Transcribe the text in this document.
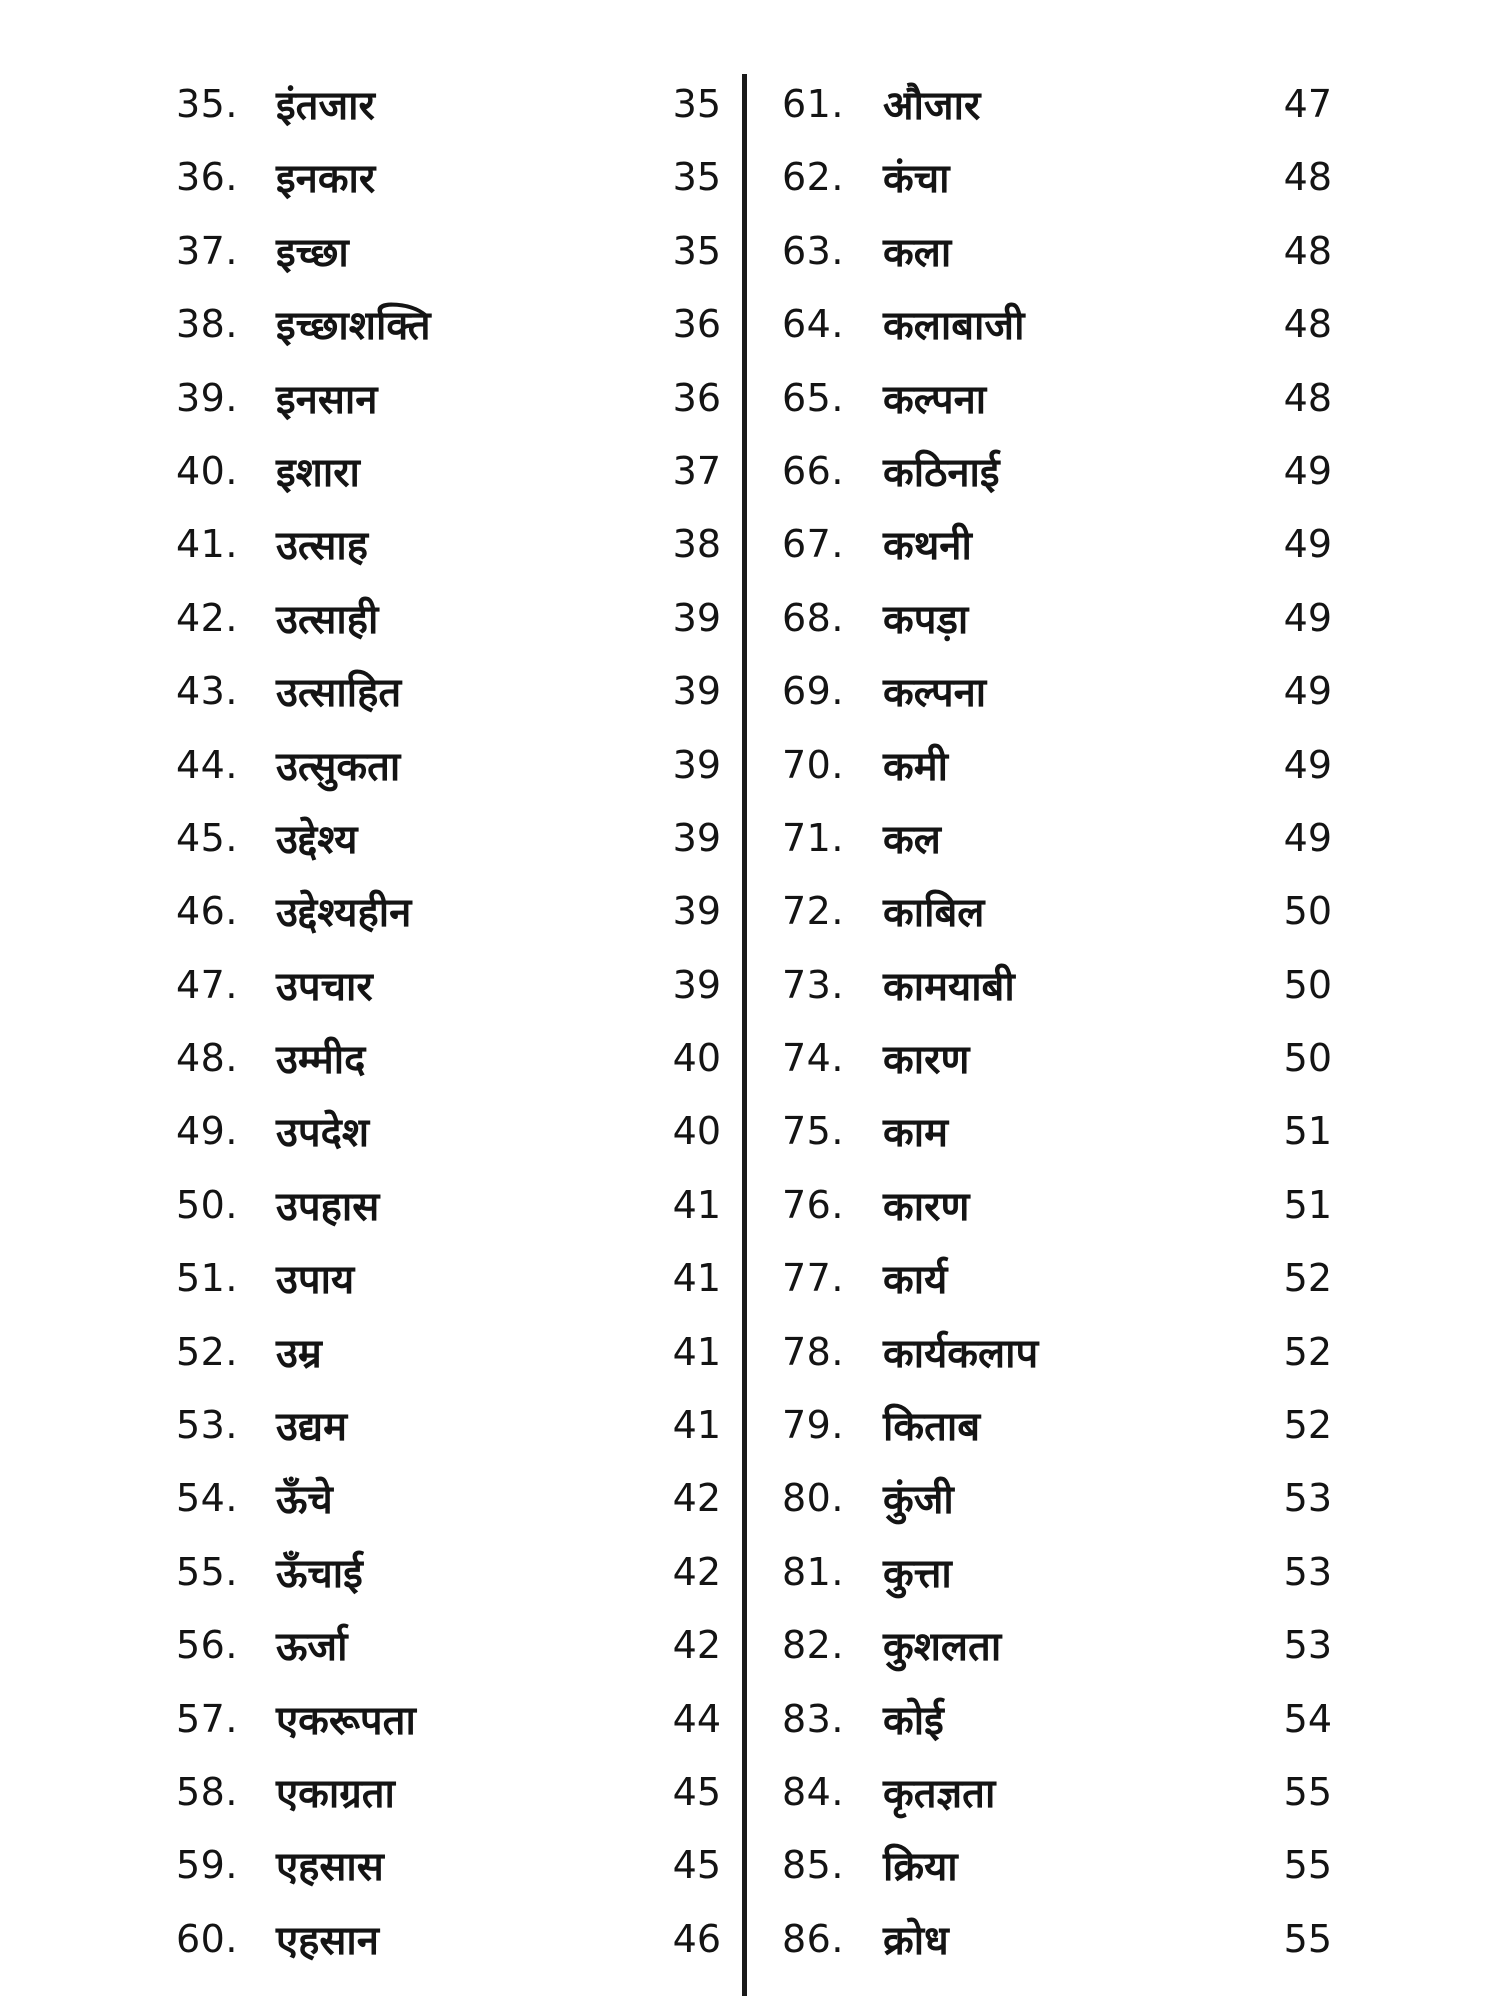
35. इंतजार	35
36. इनकार	35
37. इच्छा	35
38. इच्छाशक्ति	36
39. इनसान	36
40. इशारा	37
41. उत्साह	38
42. उत्साही	39
43. उत्साहित	39
44. उत्सुकता	39
45. उद्देश्य	39
46. उद्देश्यहीन	39
47. उपचार	39
48. उम्मीद	40
49. उपदेश	40
50. उपहास	41
51. उपाय	41
52. उम्र	41
53. उद्यम	41
54. ऊँचे	42
55. ऊँचाई	42
56. ऊर्जा	42
57. एकरूपता	44
58. एकाग्रता	45
59. एहसास	45
60. एहसान	46
61. औजार	47
62. कंचा	48
63. कला	48
64. कलाबाजी	48
65. कल्पना	48
66. कठिनाई	49
67. कथनी	49
68. कपड़ा	49
69. कल्पना	49
70. कमी	49
71. कल	49
72. काबिल	50
73. कामयाबी	50
74. कारण	50
75. काम	51
76. कारण	51
77. कार्य	52
78. कार्यकलाप	52
79. किताब	52
80. कुंजी	53
81. कुत्ता	53
82. कुशलता	53
83. कोई	54
84. कृतज्ञता	55
85. क्रिया	55
86. क्रोध	55
